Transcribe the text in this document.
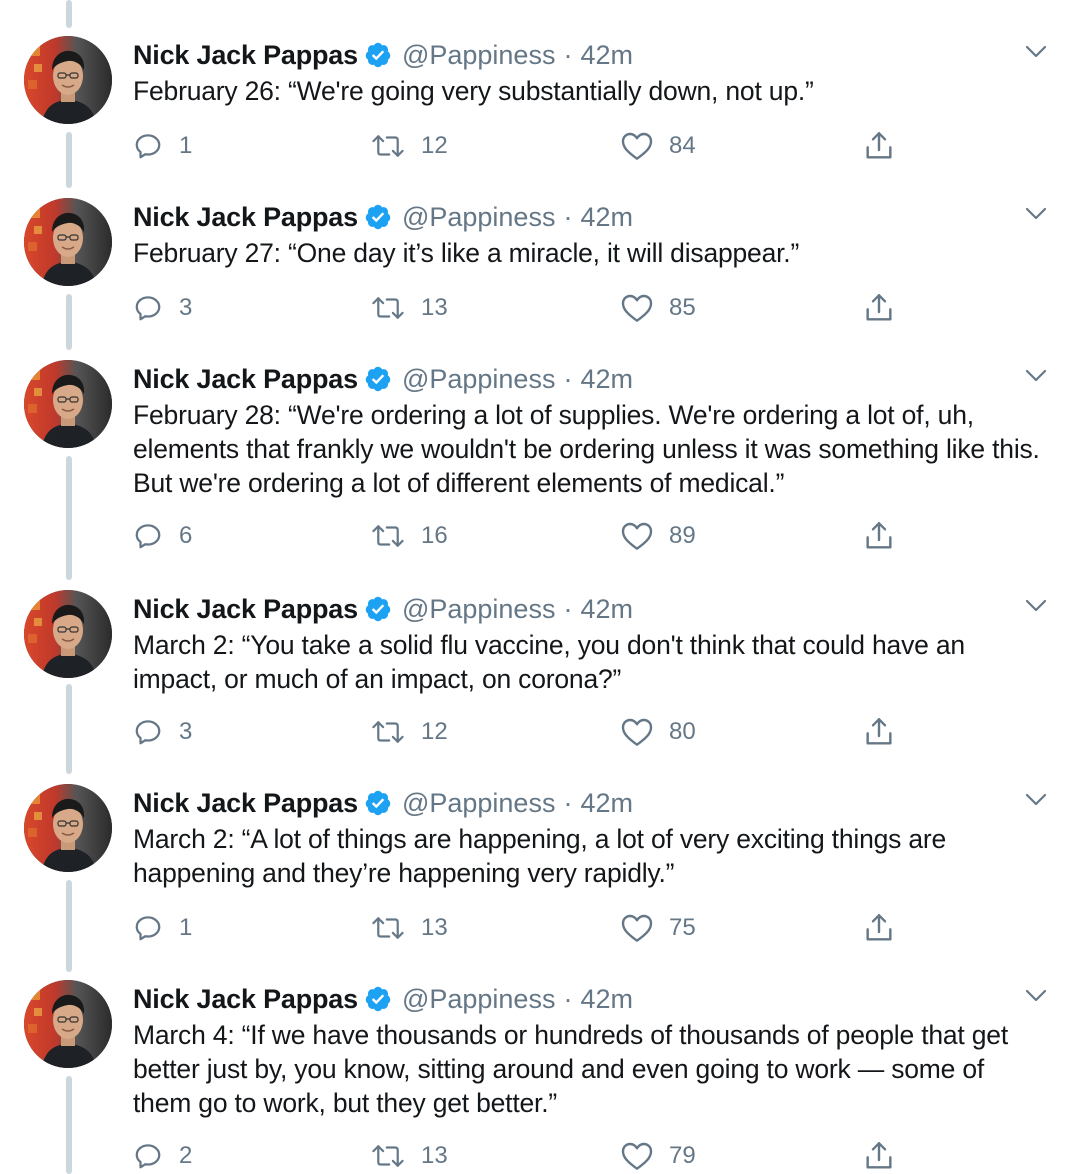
Nick Jack Pappas @Pappiness · 42m
February 26: “We're going very substantially down, not up.”
1	12	84
Nick Jack Pappas @Pappiness · 42m
February 27: “One day it’s like a miracle, it will disappear.”
3	13	85
Nick Jack Pappas @Pappiness · 42m
February 28: “We're ordering a lot of supplies. We're ordering a lot of, uh, elements that frankly we wouldn't be ordering unless it was something like this. But we're ordering a lot of different elements of medical.”
6	16	89
Nick Jack Pappas @Pappiness · 42m
March 2: “You take a solid flu vaccine, you don't think that could have an impact, or much of an impact, on corona?”
3	12	80
Nick Jack Pappas @Pappiness · 42m
March 2: “A lot of things are happening, a lot of very exciting things are happening and they’re happening very rapidly.”
1	13	75
Nick Jack Pappas @Pappiness · 42m
March 4: “If we have thousands or hundreds of thousands of people that get better just by, you know, sitting around and even going to work — some of them go to work, but they get better.”
2	13	79
